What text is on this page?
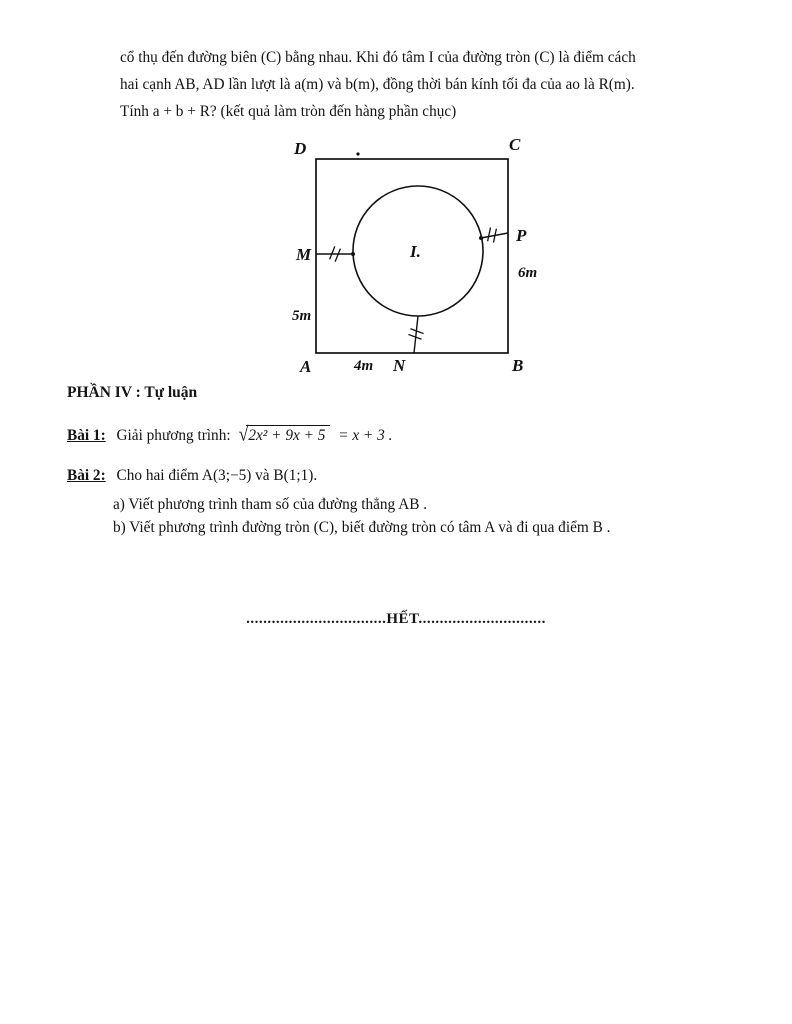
cổ thụ đến đường biên (C) bằng nhau. Khi đó tâm I của đường tròn (C) là điểm cách
hai cạnh AB, AD lần lượt là a(m) và b(m), đồng thời bán kính tối đa của ao là R(m).
Tính a + b + R? (kết quả làm tròn đến hàng phần chục)
D	C
A	B
M
P
N
I.
5m
6m
4m
PHẦN IV : Tự luận
Bài 1: Giải phương trình: √2x² + 9x + 5 = x + 3 .
Bài 2: Cho hai điểm A(3;−5) và B(1;1).
a) Viết phương trình tham số của đường thẳng AB .
b) Viết phương trình đường tròn (C), biết đường tròn có tâm A và đi qua điểm B .
.................................HẾT..............................
